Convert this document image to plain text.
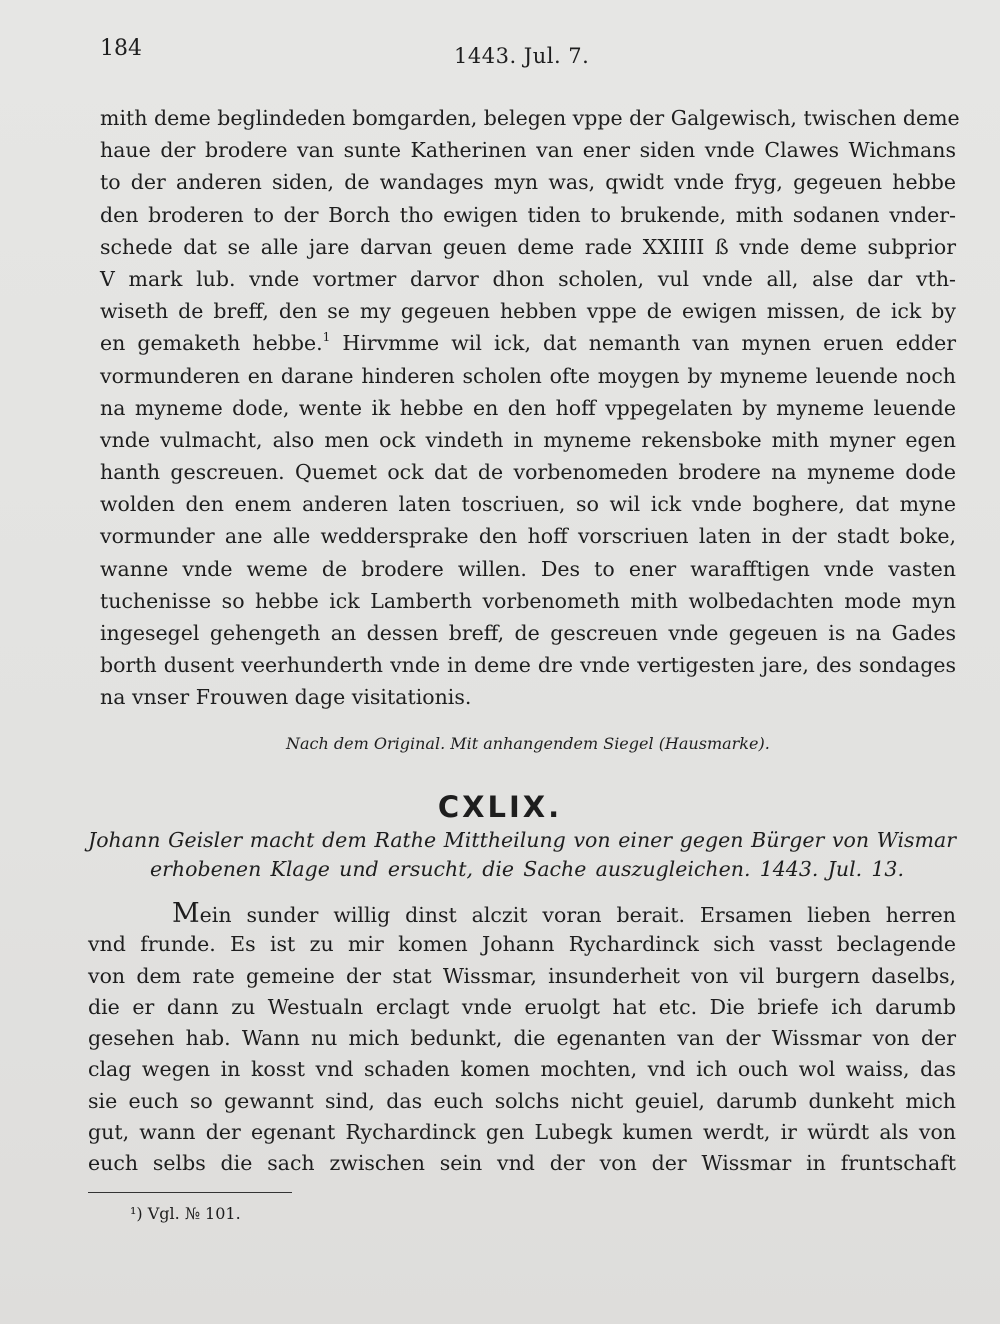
184	1443. Jul. 7.
mith deme beglindeden bomgarden, belegen vppe der Galgewisch, twischen deme
haue der brodere van sunte Katherinen van ener siden vnde Clawes Wichmans
to der anderen siden, de wandages myn was, qwidt vnde fryg, gegeuen hebbe
den broderen to der Borch tho ewigen tiden to brukende, mith sodanen vnder-
schede dat se alle jare darvan geuen deme rade XXIIII ß vnde deme subprior
V mark lub. vnde vortmer darvor dhon scholen, vul vnde all, alse dar vth-
wiseth de breff, den se my gegeuen hebben vppe de ewigen missen, de ick by
en gemaketh hebbe.$^1$ Hirvmme wil ick, dat nemanth van mynen eruen edder
vormunderen en darane hinderen scholen ofte moygen by myneme leuende noch
na myneme dode, wente ik hebbe en den hoff vppegelaten by myneme leuende
vnde vulmacht, also men ock vindeth in myneme rekensboke mith myner egen
hanth gescreuen. Quemet ock dat de vorbenomeden brodere na myneme dode
wolden den enem anderen laten toscriuen, so wil ick vnde boghere, dat myne
vormunder ane alle weddersprake den hoff vorscriuen laten in der stadt boke,
wanne vnde weme de brodere willen. Des to ener warafftigen vnde vasten
tuchenisse so hebbe ick Lamberth vorbenometh mith wolbedachten mode myn
ingesegel gehengeth an dessen breff, de gescreuen vnde gegeuen is na Gades
borth dusent veerhunderth vnde in deme dre vnde vertigesten jare, des sondages
na vnser Frouwen dage visitationis.
Nach dem Original. Mit anhangendem Siegel (Hausmarke).
CXLIX.
Johann Geisler macht dem Rathe Mittheilung von einer gegen Bürger von Wismar
erhobenen Klage und ersucht, die Sache auszugleichen. 1443. Jul. 13.
Mein sunder willig dinst alczit voran berait. Ersamen lieben herren
vnd frunde. Es ist zu mir komen Johann Rychardinck sich vasst beclagende
von dem rate gemeine der stat Wissmar, insunderheit von vil burgern daselbs,
die er dann zu Westualn erclagt vnde eruolgt hat etc. Die briefe ich darumb
gesehen hab. Wann nu mich bedunkt, die egenanten van der Wissmar von der
clag wegen in kosst vnd schaden komen mochten, vnd ich ouch wol waiss, das
sie euch so gewannt sind, das euch solchs nicht geuiel, darumb dunkeht mich
gut, wann der egenant Rychardinck gen Lubegk kumen werdt, ir würdt als von
euch selbs die sach zwischen sein vnd der von der Wissmar in fruntschaft
¹) Vgl. № 101.
